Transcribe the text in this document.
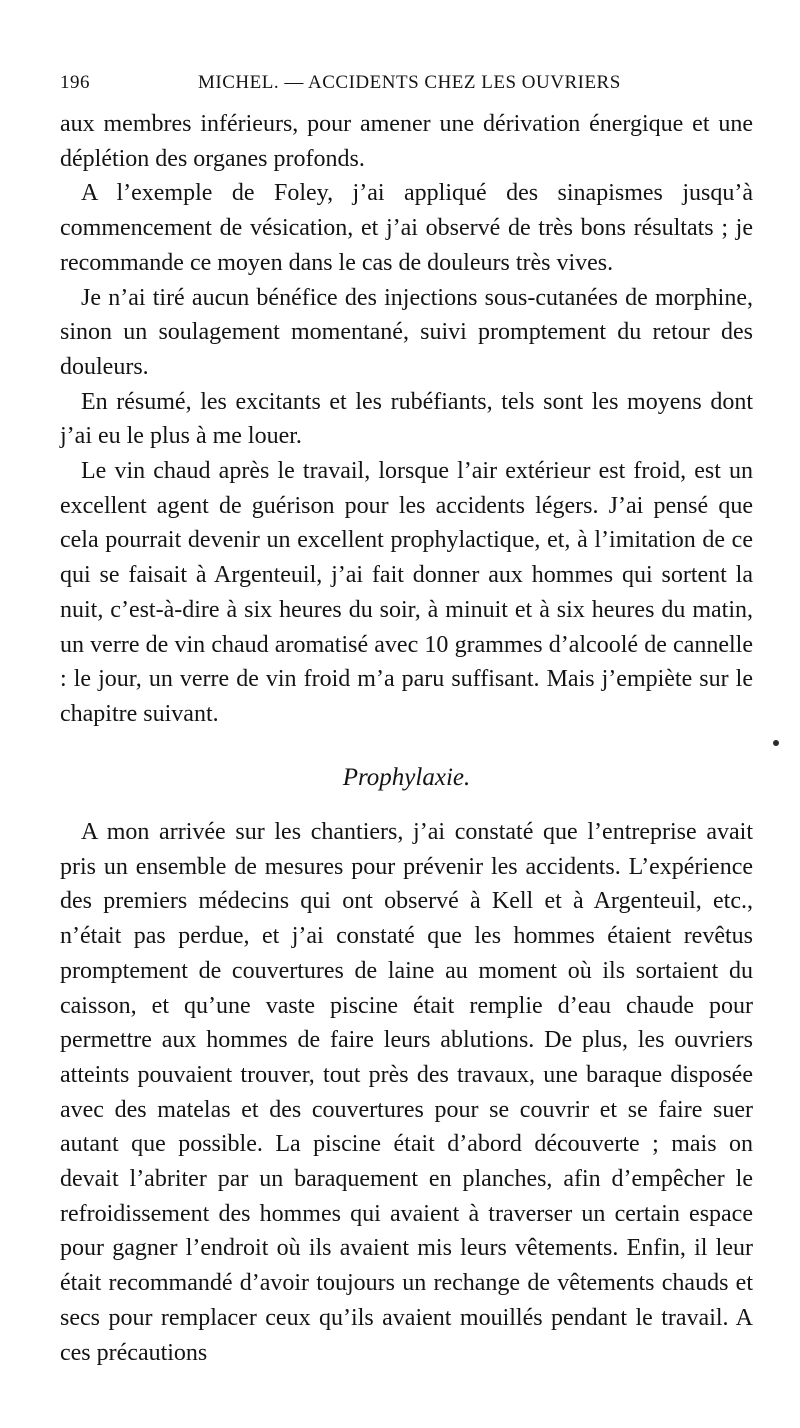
196	MICHEL. — ACCIDENTS CHEZ LES OUVRIERS

aux membres inférieurs, pour amener une dérivation énergique et une déplétion des organes profonds.

A l’exemple de Foley, j’ai appliqué des sinapismes jusqu’à commencement de vésication, et j’ai observé de très bons résultats ; je recommande ce moyen dans le cas de douleurs très vives.

Je n’ai tiré aucun bénéfice des injections sous-cutanées de morphine, sinon un soulagement momentané, suivi promptement du retour des douleurs.

En résumé, les excitants et les rubéfiants, tels sont les moyens dont j’ai eu le plus à me louer.

Le vin chaud après le travail, lorsque l’air extérieur est froid, est un excellent agent de guérison pour les accidents légers. J’ai pensé que cela pourrait devenir un excellent prophylactique, et, à l’imitation de ce qui se faisait à Argenteuil, j’ai fait donner aux hommes qui sortent la nuit, c’est-à-dire à six heures du soir, à minuit et à six heures du matin, un verre de vin chaud aromatisé avec 10 grammes d’alcoolé de cannelle : le jour, un verre de vin froid m’a paru suffisant. Mais j’empiète sur le chapitre suivant.

Prophylaxie.

A mon arrivée sur les chantiers, j’ai constaté que l’entreprise avait pris un ensemble de mesures pour prévenir les accidents. L’expérience des premiers médecins qui ont observé à Kell et à Argenteuil, etc., n’était pas perdue, et j’ai constaté que les hommes étaient revêtus promptement de couvertures de laine au moment où ils sortaient du caisson, et qu’une vaste piscine était remplie d’eau chaude pour permettre aux hommes de faire leurs ablutions. De plus, les ouvriers atteints pouvaient trouver, tout près des travaux, une baraque disposée avec des matelas et des couvertures pour se couvrir et se faire suer autant que possible. La piscine était d’abord découverte ; mais on devait l’abriter par un baraquement en planches, afin d’empêcher le refroidissement des hommes qui avaient à traverser un certain espace pour gagner l’endroit où ils avaient mis leurs vêtements. Enfin, il leur était recommandé d’avoir toujours un rechange de vêtements chauds et secs pour remplacer ceux qu’ils avaient mouillés pendant le travail. A ces précautions
